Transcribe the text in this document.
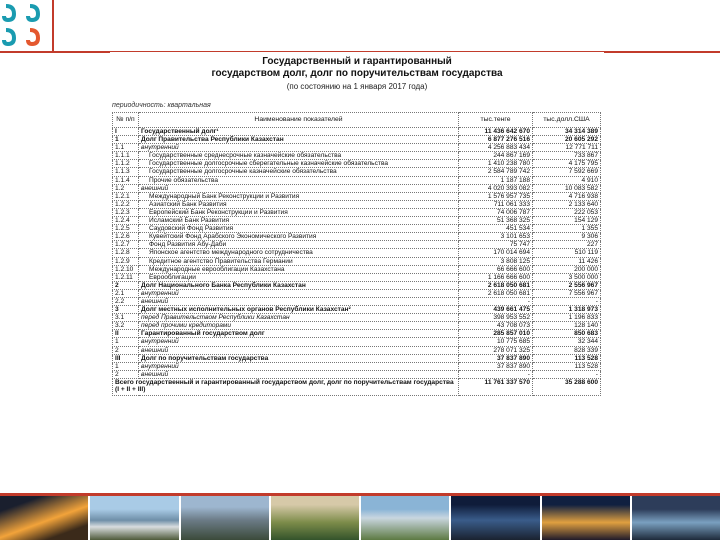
Государственный и гарантированный
государством долг, долг по поручительствам государства
(по состоянию на 1 января 2017 года)
периодичность: квартальная
№ п/п	Наименование показателей	тыс.тенге	тыс.долл.США
I	Государственный долг¹	11 436 642 670	34 314 389
1	Долг Правительства Республики Казахстан	6 877 276 516	20 605 292
1.1	внутренний	4 256 883 434	12 771 711
1.1.1	Государственные среднесрочные казначейские обязательства	244 867 169	733 867
1.1.2	Государственные долгосрочные сберегательные казначейские обязательства	1 410 238 780	4 175 795
1.1.3	Государственные долгосрочные казначейские обязательства	2 584 789 742	7 592 669
1.1.4	Прочие обязательства	1 187 188	4 910
1.2	внешний	4 020 393 082	10 083 582
1.2.1	Международный Банк Реконструкции и Развития	1 576 957 735	4 716 938
1.2.2	Азиатский Банк Развития	711 061 333	2 133 640
1.2.3	Европейский Банк Реконструкции и Развития	74 006 787	222 053
1.2.4	Исламский Банк Развития	51 368 325	154 129
1.2.5	Саудовский Фонд Развития	451 534	1 355
1.2.6	Кувейтский Фонд Арабского Экономического Развития	3 101 653	9 306
1.2.7	Фонд Развития Абу-Даби	75 747	227
1.2.8	Японское агентство международного сотрудничества	170 014 694	510 119
1.2.9	Кредитное агентство Правительства Германии	3 808 125	11 426
1.2.10	Международные еврооблигации Казахстана	66 666 600	200 000
1.2.11	Еврооблигации	1 166 666 600	3 500 000
2	Долг Национального Банка Республики Казахстан	2 618 050 681	2 556 967
2.1	внутренний	2 618 050 681	7 556 967
2.2	внешний	-	-
3	Долг местных исполнительных органов Республики Казахстан²	439 661 475	1 318 973
3.1	перед Правительством Республики Казахстан	398 953 552	1 196 833
3.2	перед прочими кредиторами	43 708 073	128 140
II	Гарантированный государством долг	285 857 010	850 683
1	внутренний	10 775 685	32 344
2	внешний	278 071 325	828 339
III	Долг по поручительствам государства	37 837 890	113 528
1	внутренний	37 837 890	113 528
2	внешний	-	-
Всего государственный и гарантированный государством долг, долг по поручительствам государства (I + II + III)		11 761 337 570	35 288 600
